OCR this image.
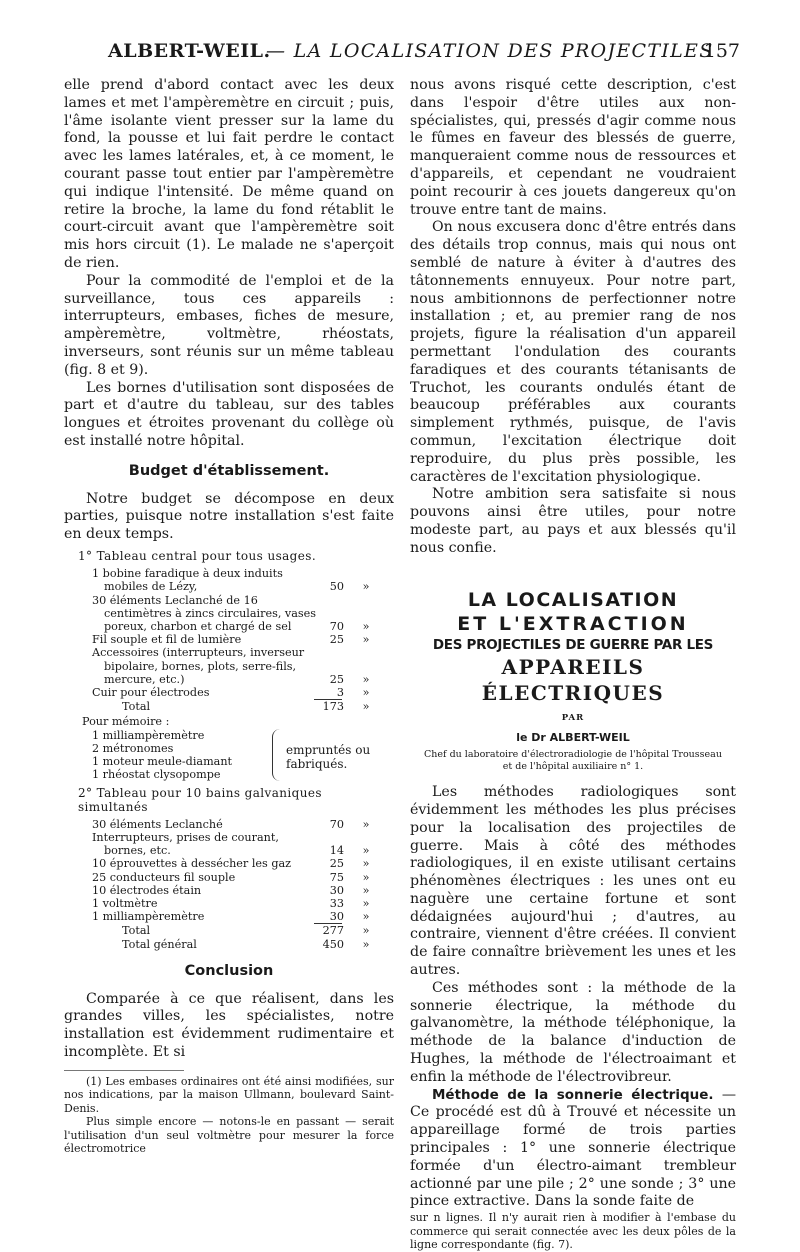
ALBERT-WEIL.
— LA LOCALISATION DES PROJECTILES
157

elle prend d'abord contact avec les deux lames et met l'ampèremètre en circuit ; puis, l'âme isolante vient presser sur la lame du fond, la pousse et lui fait perdre le contact avec les lames latérales, et, à ce moment, le courant passe tout entier par l'ampèremètre qui indique l'intensité. De même quand on retire la broche, la lame du fond rétablit le court-circuit avant que l'ampèremètre soit mis hors circuit (1). Le malade ne s'aperçoit de rien.

Pour la commodité de l'emploi et de la surveillance, tous ces appareils : interrupteurs, embases, fiches de mesure, ampèremètre, voltmètre, rhéostats, inverseurs, sont réunis sur un même tableau (fig. 8 et 9).

Les bornes d'utilisation sont disposées de part et d'autre du tableau, sur des tables longues et étroites provenant du collège où est installé notre hôpital.

Budget d'établissement.

Notre budget se décompose en deux parties, puisque notre installation s'est faite en deux temps.

1° Tableau central pour tous usages.
1 bobine faradique à deux induits mobiles de Lézy,	50 »
30 éléments Leclanché de 16 centimètres à zincs circulaires, vases poreux, charbon et chargé de sel	70 »
Fil souple et fil de lumière	25 »
Accessoires (interrupteurs, inverseur bipolaire, bornes, plots, serre-fils, mercure, etc.)	25 »
Cuir pour électrodes	3 »
Total	173 »
Pour mémoire :
1 milliampèremètre
2 métronomes
1 moteur meule-diamant
1 rhéostat clysopompe
empruntés ou fabriqués.
2° Tableau pour 10 bains galvaniques simultanés
30 éléments Leclanché	70 »
Interrupteurs, prises de courant, bornes, etc.	14 »
10 éprouvettes à dessécher les gaz	25 »
25 conducteurs fil souple	75 »
10 électrodes étain	30 »
1 voltmètre	33 »
1 milliampèremètre	30 »
Total	277 »
Total général	450 »
Conclusion

Comparée à ce que réalisent, dans les grandes villes, les spécialistes, notre installation est évidemment rudimentaire et incomplète. Et si

(1) Les embases ordinaires ont été ainsi modifiées, sur nos indications, par la maison Ullmann, boulevard Saint-Denis.

Plus simple encore — notons-le en passant — serait l'utilisation d'un seul voltmètre pour mesurer la force électromotrice

nous avons risqué cette description, c'est dans l'espoir d'être utiles aux non-spécialistes, qui, pressés d'agir comme nous le fûmes en faveur des blessés de guerre, manqueraient comme nous de ressources et d'appareils, et cependant ne voudraient point recourir à ces jouets dangereux qu'on trouve entre tant de mains.

On nous excusera donc d'être entrés dans des détails trop connus, mais qui nous ont semblé de nature à éviter à d'autres des tâtonnements ennuyeux. Pour notre part, nous ambitionnons de perfectionner notre installation ; et, au premier rang de nos projets, figure la réalisation d'un appareil permettant l'ondulation des courants faradiques et des courants tétanisants de Truchot, les courants ondulés étant de beaucoup préférables aux courants simplement rythmés, puisque, de l'avis commun, l'excitation électrique doit reproduire, du plus près possible, les caractères de l'excitation physiologique.

Notre ambition sera satisfaite si nous pouvons ainsi être utiles, pour notre modeste part, au pays et aux blessés qu'il nous confie.

LA LOCALISATION
ET L'EXTRACTION
DES PROJECTILES DE GUERRE PAR LES
APPAREILS ÉLECTRIQUES
PAR
le Dr ALBERT-WEIL
Chef du laboratoire d'électroradiologie de l'hôpital Trousseau
et de l'hôpital auxiliaire n° 1.

Les méthodes radiologiques sont évidemment les méthodes les plus précises pour la localisation des projectiles de guerre. Mais à côté des méthodes radiologiques, il en existe utilisant certains phénomènes électriques : les unes ont eu naguère une certaine fortune et sont dédaignées aujourd'hui ; d'autres, au contraire, viennent d'être créées. Il convient de faire connaître brièvement les unes et les autres.

Ces méthodes sont : la méthode de la sonnerie électrique, la méthode du galvanomètre, la méthode téléphonique, la méthode de la balance d'induction de Hughes, la méthode de l'électroaimant et enfin la méthode de l'électrovibreur.

Méthode de la sonnerie électrique. — Ce procédé est dû à Trouvé et nécessite un appareillage formé de trois parties principales : 1° une sonnerie électrique formée d'un électro-aimant trembleur actionné par une pile ; 2° une sonde ; 3° une pince extractive. Dans la sonde faite de

sur n lignes. Il n'y aurait rien à modifier à l'embase du commerce qui serait connectée avec les deux pôles de la ligne correspondante (fig. 7).
